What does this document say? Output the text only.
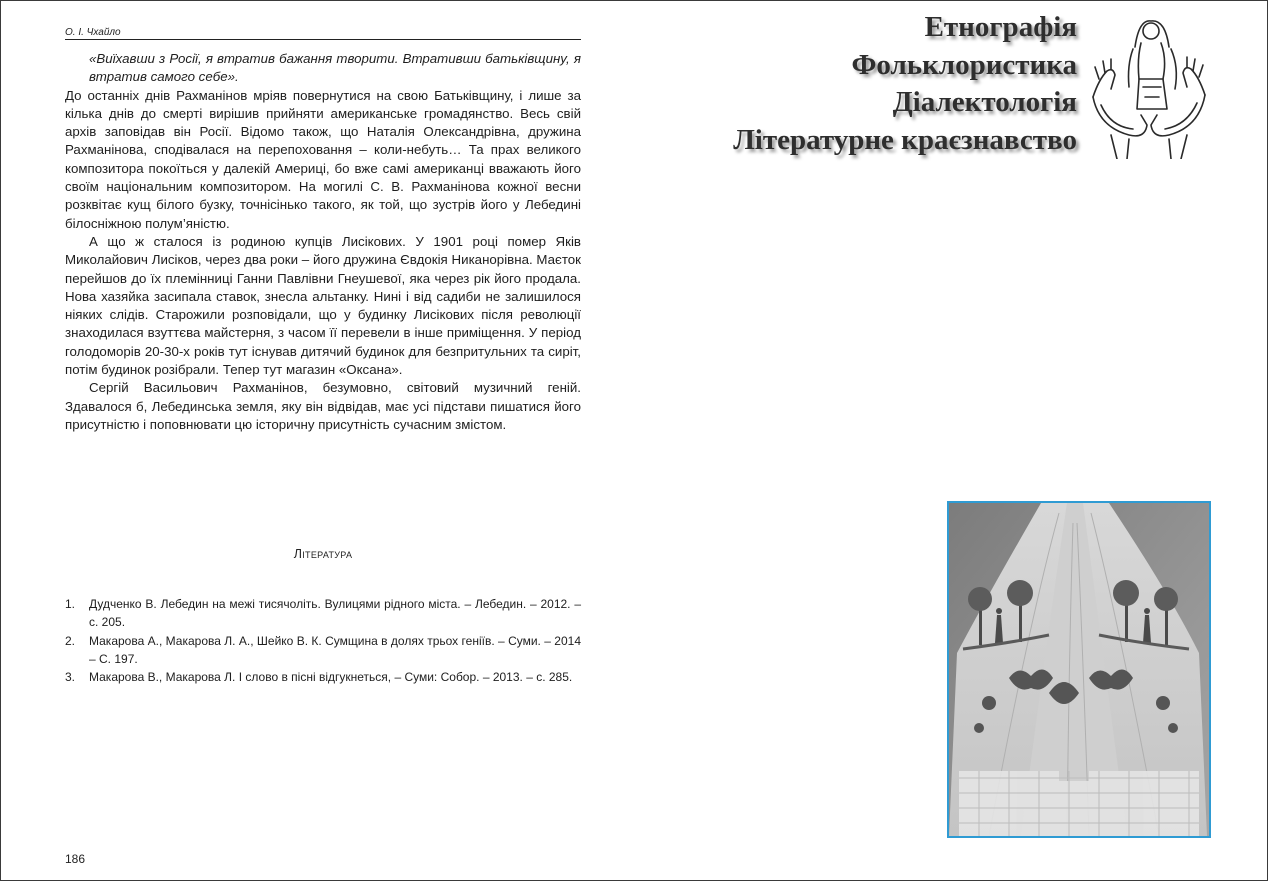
О. І. Чхайло

«Виїхавши з Росії, я втратив бажання творити. Втративши батьківщину, я втратив самого себе».

До останніх днів Рахманінов мріяв повернутися на свою Батьківщину, і лише за кілька днів до смерті вирішив прийняти американське громадянство. Весь свій архів заповідав він Росії. Відомо також, що Наталія Олександрівна, дружина Рахманінова, сподівалася на перепоховання – коли-небуть… Та прах великого композитора покоїться у далекій Америці, бо вже самі американці вважають його своїм національним композитором. На могилі С. В. Рахманінова кожної весни розквітає кущ білого бузку, точнісінько такого, як той, що зустрів його у Лебедині білосніжною полум’яністю.

А що ж сталося із родиною купців Лисікових. У 1901 році помер Яків Миколайович Лисіков, через два роки – його дружина Євдокія Никанорівна. Маєток перейшов до їх племінниці Ганни Павлівни Гнеушевої, яка через рік його продала. Нова хазяйка засипала ставок, знесла альтанку. Нині і від садиби не залишилося ніяких слідів. Старожили розповідали, що у будинку Лисікових після революції знаходилася взуттєва майстерня, з часом її перевели в інше приміщення. У період голодоморів 20-30-х років тут існував дитячий будинок для безпритульних та сиріт, потім будинок розібрали. Тепер тут магазин «Оксана».

Сергій Васильович Рахманінов, безумовно, світовий музичний геній. Здавалося б, Лебединська земля, яку він відвідав, має усі підстави пишатися його присутністю і поповнювати цю історичну присутність сучасним змістом.

Література
1. Дудченко В. Лебедин на межі тисячоліть. Вулицями рідного міста. – Лебедин. – 2012. – с. 205.
2. Макарова А., Макарова Л. А., Шейко В. К. Сумщина в долях трьох геніїв. – Суми. – 2014 – С. 197.
3. Макарова В., Макарова Л. І слово в пісні відгукнеться, – Суми: Собор. – 2013. – с. 285.
186
Етнографія
Фольклористика
Діалектологія
Літературне краєзнавство
